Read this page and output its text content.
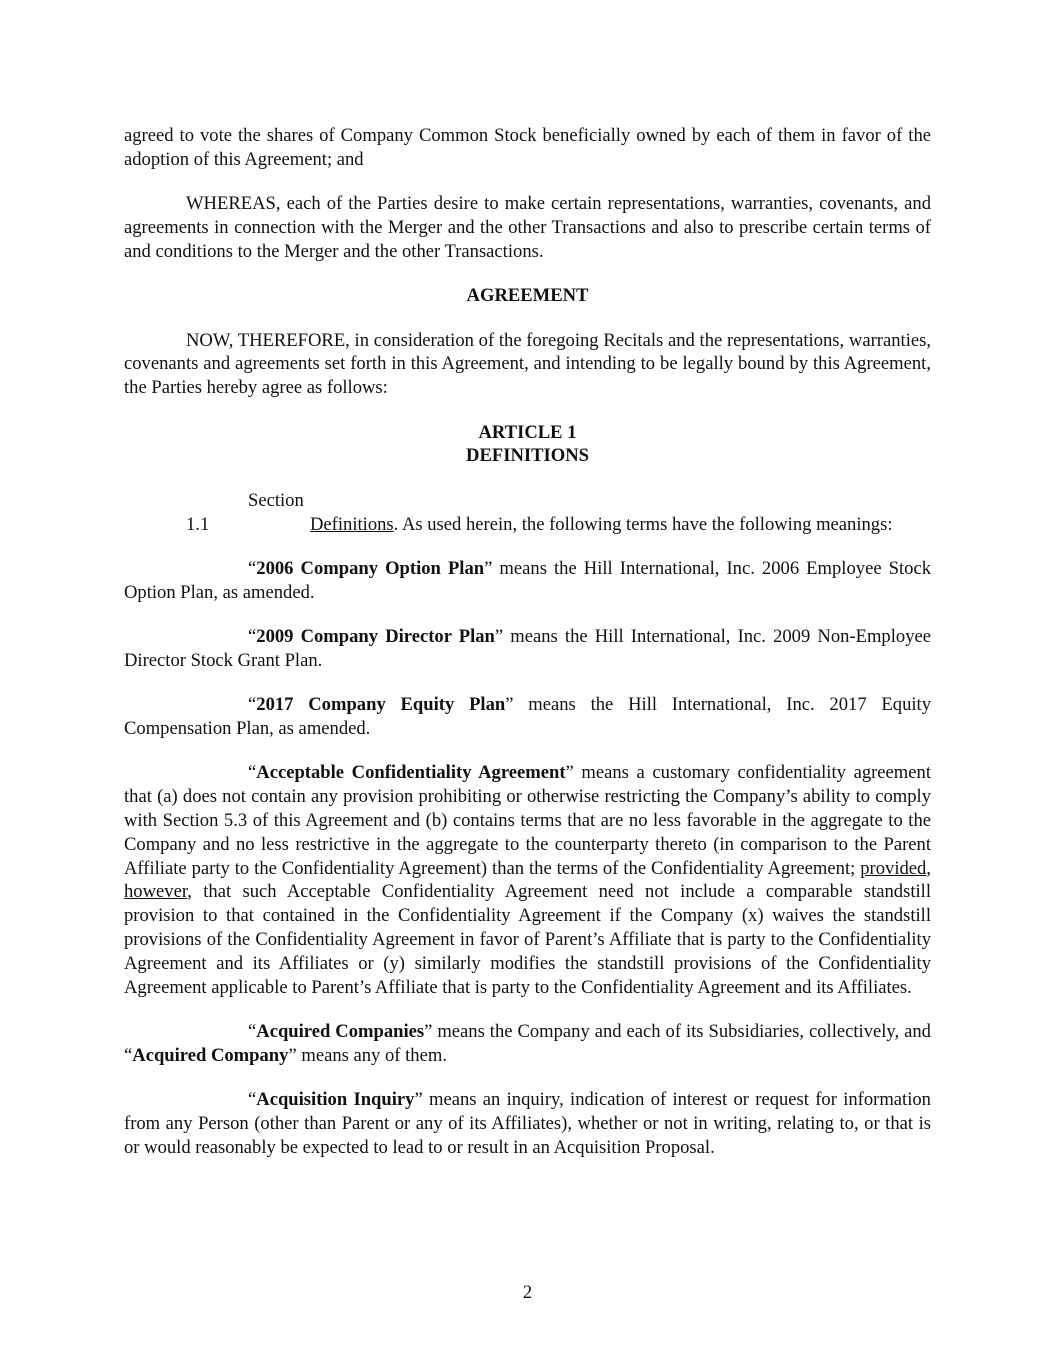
agreed to vote the shares of Company Common Stock beneficially owned by each of them in favor of the adoption of this Agreement; and

WHEREAS, each of the Parties desire to make certain representations, warranties, covenants, and agreements in connection with the Merger and the other Transactions and also to prescribe certain terms of and conditions to the Merger and the other Transactions.

AGREEMENT

NOW, THEREFORE, in consideration of the foregoing Recitals and the representations, warranties, covenants and agreements set forth in this Agreement, and intending to be legally bound by this Agreement, the Parties hereby agree as follows:

ARTICLE 1
DEFINITIONS

Section 1.1	Definitions. As used herein, the following terms have the following meanings:

“2006 Company Option Plan” means the Hill International, Inc. 2006 Employee Stock Option Plan, as amended.

“2009 Company Director Plan” means the Hill International, Inc. 2009 Non-Employee Director Stock Grant Plan.

“2017 Company Equity Plan” means the Hill International, Inc. 2017 Equity Compensation Plan, as amended.

“Acceptable Confidentiality Agreement” means a customary confidentiality agreement that (a) does not contain any provision prohibiting or otherwise restricting the Company’s ability to comply with Section 5.3 of this Agreement and (b) contains terms that are no less favorable in the aggregate to the Company and no less restrictive in the aggregate to the counterparty thereto (in comparison to the Parent Affiliate party to the Confidentiality Agreement) than the terms of the Confidentiality Agreement; provided, however, that such Acceptable Confidentiality Agreement need not include a comparable standstill provision to that contained in the Confidentiality Agreement if the Company (x) waives the standstill provisions of the Confidentiality Agreement in favor of Parent’s Affiliate that is party to the Confidentiality Agreement and its Affiliates or (y) similarly modifies the standstill provisions of the Confidentiality Agreement applicable to Parent’s Affiliate that is party to the Confidentiality Agreement and its Affiliates.

“Acquired Companies” means the Company and each of its Subsidiaries, collectively, and “Acquired Company” means any of them.

“Acquisition Inquiry” means an inquiry, indication of interest or request for information from any Person (other than Parent or any of its Affiliates), whether or not in writing, relating to, or that is or would reasonably be expected to lead to or result in an Acquisition Proposal.

2
